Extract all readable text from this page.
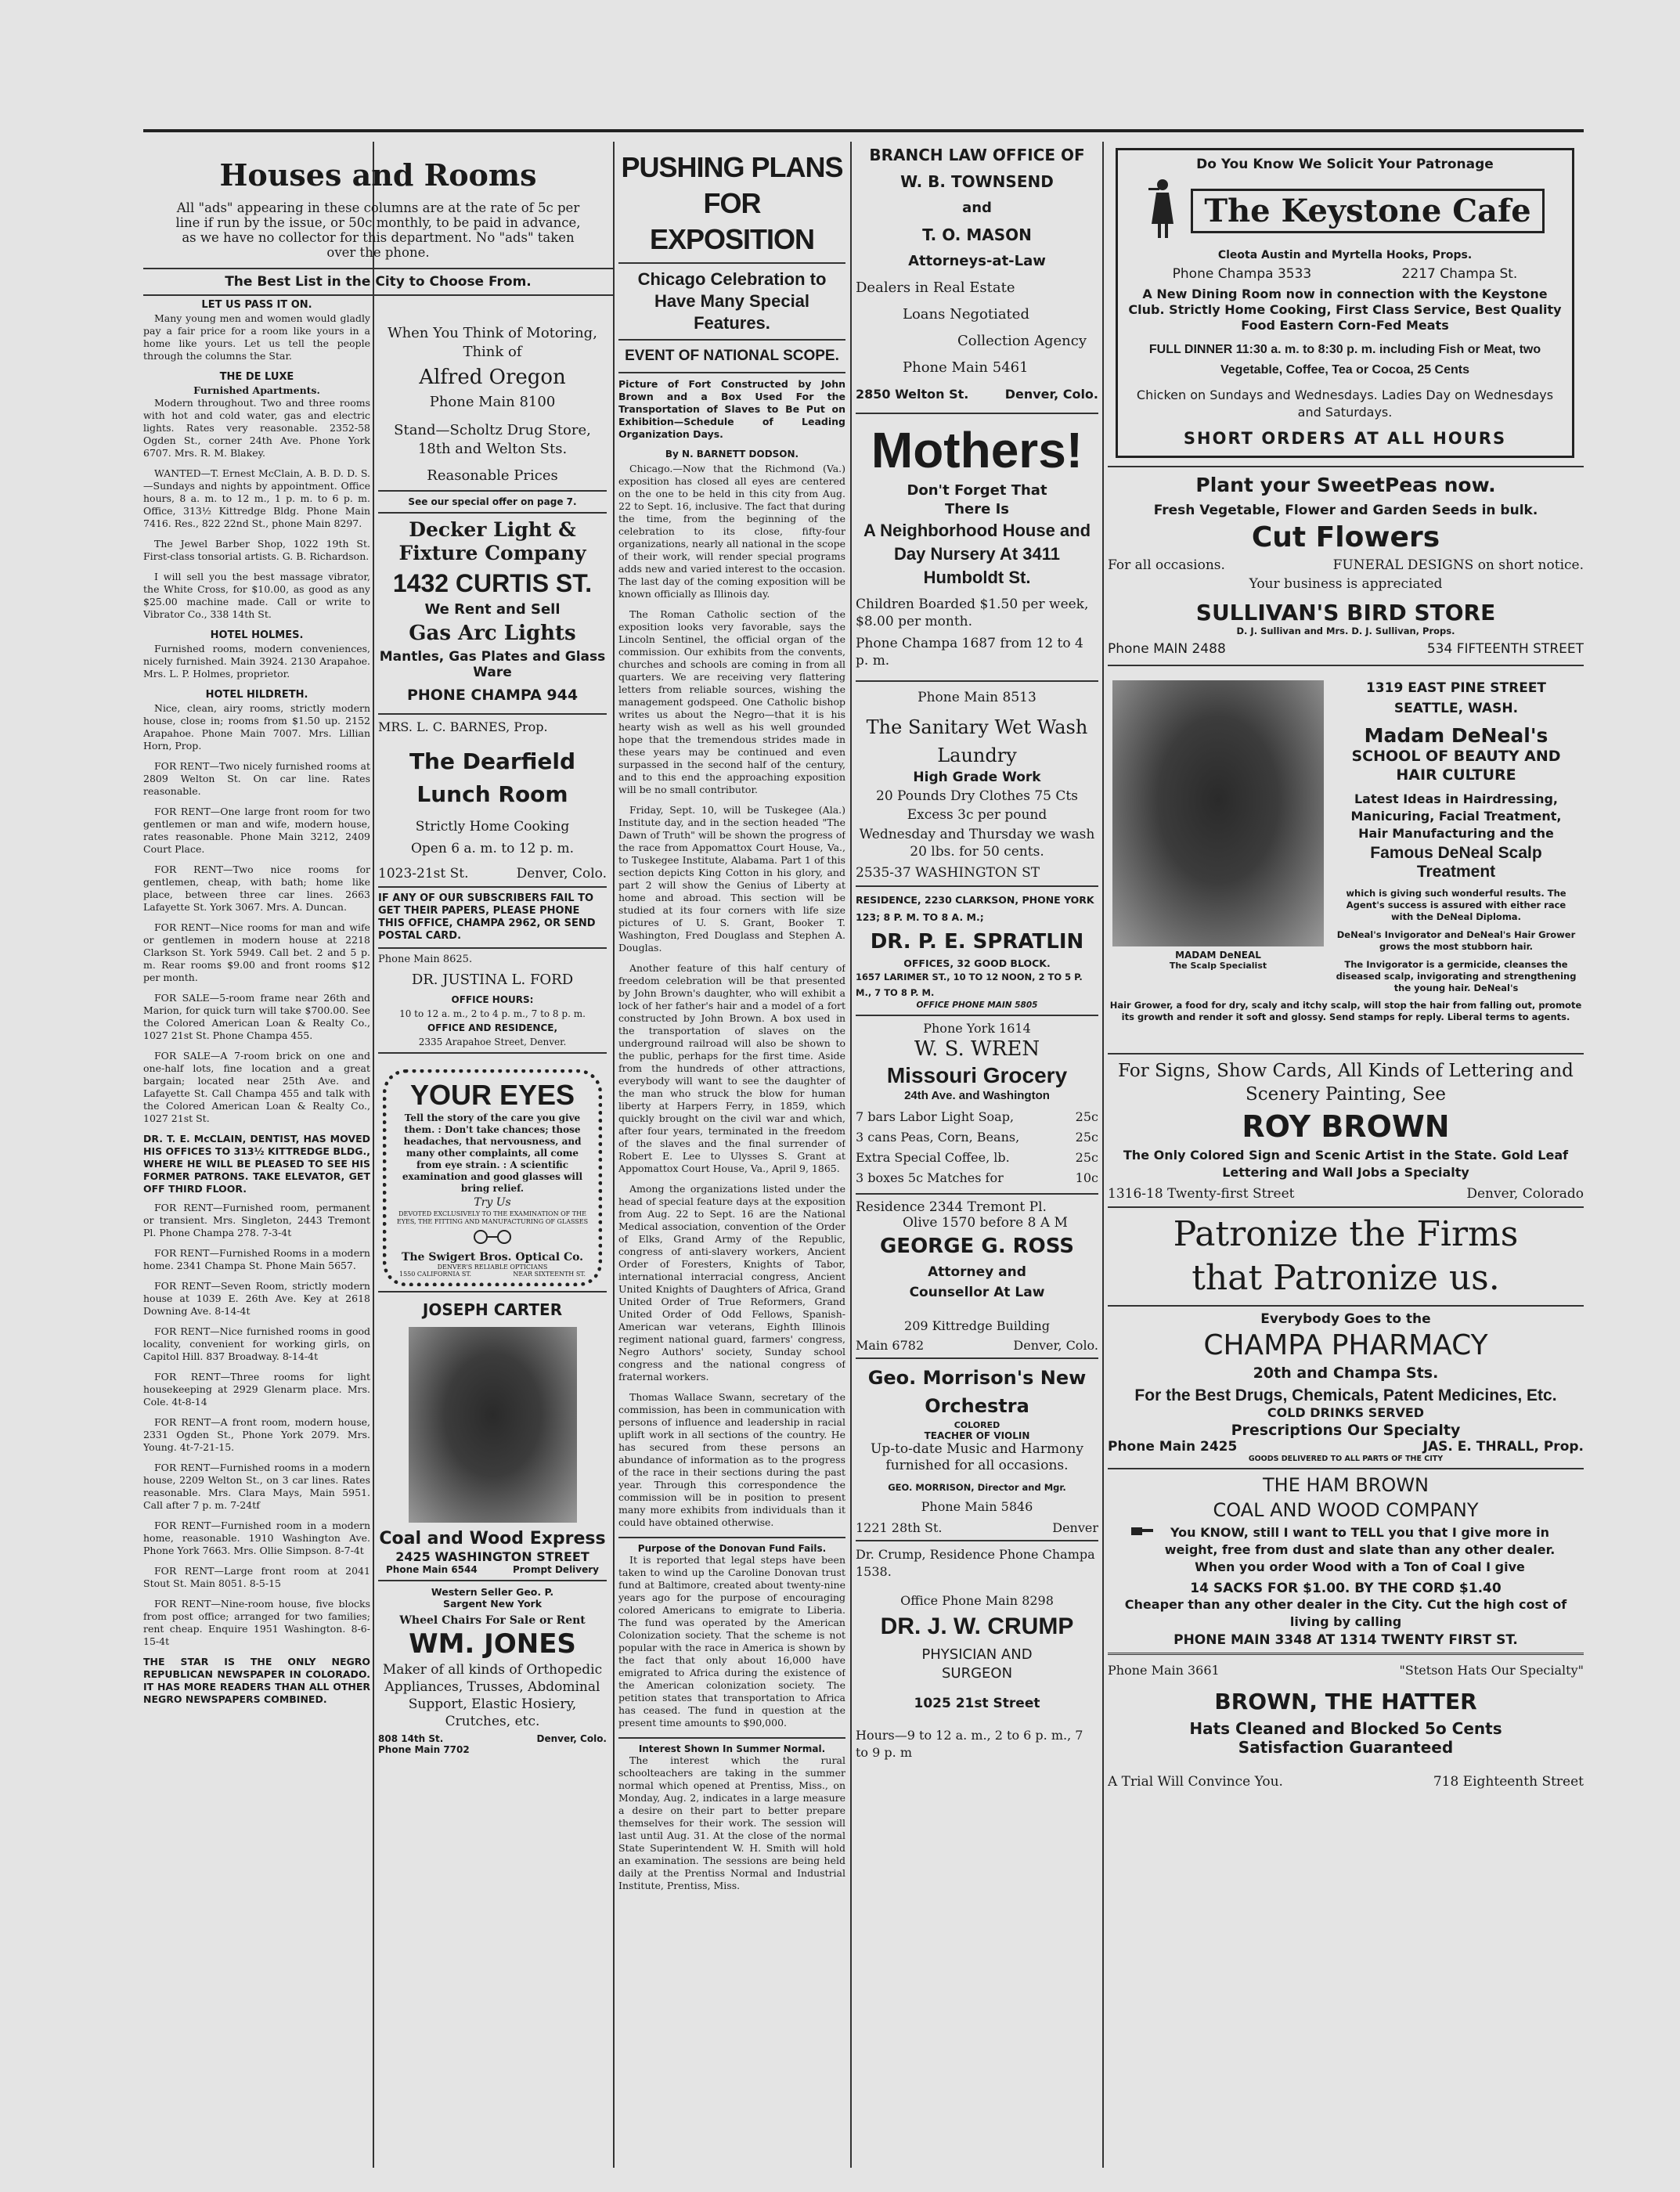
Houses and Rooms
All "ads" appearing in these columns are at the rate of 5c per line if run by the issue, or 50c monthly, to be paid in advance, as we have no collector for this department. No "ads" taken over the phone.
The Best List in the City to Choose From.
LET US PASS IT ON.

Many young men and women would gladly pay a fair price for a room like yours in a home like yours. Let us tell the people through the columns the Star.

THE DE LUXE
Furnished Apartments.

Modern throughout. Two and three rooms with hot and cold water, gas and electric lights. Rates very reasonable. 2352-58 Ogden St., corner 24th Ave. Phone York 6707. Mrs. R. M. Blakey.

WANTED—T. Ernest McClain, A. B. D. D. S.—Sundays and nights by appointment. Office hours, 8 a. m. to 12 m., 1 p. m. to 6 p. m. Office, 313½ Kittredge Bldg. Phone Main 7416. Res., 822 22nd St., phone Main 8297.

The Jewel Barber Shop, 1022 19th St. First-class tonsorial artists. G. B. Richardson.

I will sell you the best massage vibrator, the White Cross, for $10.00, as good as any $25.00 machine made. Call or write to Vibrator Co., 338 14th St.

HOTEL HOLMES.

Furnished rooms, modern conveniences, nicely furnished. Main 3924. 2130 Arapahoe. Mrs. L. P. Holmes, proprietor.

HOTEL HILDRETH.

Nice, clean, airy rooms, strictly modern house, close in; rooms from $1.50 up. 2152 Arapahoe. Phone Main 7007. Mrs. Lillian Horn, Prop.

FOR RENT—Two nicely furnished rooms at 2809 Welton St. On car line. Rates reasonable.

FOR RENT—One large front room for two gentlemen or man and wife, modern house, rates reasonable. Phone Main 3212, 2409 Court Place.

FOR RENT—Two nice rooms for gentlemen, cheap, with bath; home like place, between three car lines. 2663 Lafayette St. York 3067. Mrs. A. Duncan.

FOR RENT—Nice rooms for man and wife or gentlemen in modern house at 2218 Clarkson St. York 5949. Call bet. 2 and 5 p. m. Rear rooms $9.00 and front rooms $12 per month.

FOR SALE—5-room frame near 26th and Marion, for quick turn will take $700.00. See the Colored American Loan & Realty Co., 1027 21st St. Phone Champa 455.

FOR SALE—A 7-room brick on one and one-half lots, fine location and a great bargain; located near 25th Ave. and Lafayette St. Call Champa 455 and talk with the Colored American Loan & Realty Co., 1027 21st St.

DR. T. E. McCLAIN, DENTIST, HAS MOVED HIS OFFICES TO 313½ KITTREDGE BLDG., WHERE HE WILL BE PLEASED TO SEE HIS FORMER PATRONS. TAKE ELEVATOR, GET OFF THIRD FLOOR.

FOR RENT—Furnished room, permanent or transient. Mrs. Singleton, 2443 Tremont Pl. Phone Champa 278. 7-3-4t

FOR RENT—Furnished Rooms in a modern home. 2341 Champa St. Phone Main 5657.

FOR RENT—Seven Room, strictly modern house at 1039 E. 26th Ave. Key at 2618 Downing Ave. 8-14-4t

FOR RENT—Nice furnished rooms in good locality, convenient for working girls, on Capitol Hill. 837 Broadway. 8-14-4t

FOR RENT—Three rooms for light housekeeping at 2929 Glenarm place. Mrs. Cole. 4t-8-14

FOR RENT—A front room, modern house, 2331 Ogden St., Phone York 2079. Mrs. Young. 4t-7-21-15.

FOR RENT—Furnished rooms in a modern house, 2209 Welton St., on 3 car lines. Rates reasonable. Mrs. Clara Mays, Main 5951. Call after 7 p. m. 7-24tf

FOR RENT—Furnished room in a modern home, reasonable. 1910 Washington Ave. Phone York 7663. Mrs. Ollie Simpson. 8-7-4t

FOR RENT—Large front room at 2041 Stout St. Main 8051. 8-5-15

FOR RENT—Nine-room house, five blocks from post office; arranged for two families; rent cheap. Enquire 1951 Washington. 8-6-15-4t

THE STAR IS THE ONLY NEGRO REPUBLICAN NEWSPAPER IN COLORADO. IT HAS MORE READERS THAN ALL OTHER NEGRO NEWSPAPERS COMBINED.

When You Think of Motoring, Think of
Alfred Oregon
Phone Main 8100
Stand—Scholtz Drug Store, 18th and Welton Sts.
Reasonable Prices
See our special offer on page 7.
Decker Light & Fixture Company
1432 CURTIS ST.
We Rent and Sell
Gas Arc Lights
Mantles, Gas Plates and Glass Ware
PHONE CHAMPA 944
MRS. L. C. BARNES, Prop.
The Dearfield Lunch Room
Strictly Home Cooking
Open 6 a. m. to 12 p. m.
1023-21st St.	Denver, Colo.
IF ANY OF OUR SUBSCRIBERS FAIL TO GET THEIR PAPERS, PLEASE PHONE THIS OFFICE, CHAMPA 2962, OR SEND POSTAL CARD.
Phone Main 8625.
DR. JUSTINA L. FORD
OFFICE HOURS:
10 to 12 a. m., 2 to 4 p. m., 7 to 8 p. m.
OFFICE AND RESIDENCE,
2335 Arapahoe Street, Denver.
YOUR EYES
Tell the story of the care you give them. : Don't take chances; those headaches, that nervousness, and many other complaints, all come from eye strain. : A scientific examination and good glasses will bring relief.
Try Us
DEVOTED EXCLUSIVELY TO THE EXAMINATION OF THE EYES, THE FITTING AND MANUFACTURING OF GLASSES
The Swigert Bros. Optical Co.
DENVER'S RELIABLE OPTICIANS
1550 CALIFORNIA ST.	NEAR SIXTEENTH ST.
JOSEPH CARTER
Coal and Wood Express
2425 WASHINGTON STREET
Phone Main 6544	Prompt Delivery
Western Seller Geo. P. Sargent New York
Wheel Chairs For Sale or Rent
WM. JONES
Maker of all kinds of Orthopedic Appliances, Trusses, Abdominal Support, Elastic Hosiery, Crutches, etc.
808 14th St.	Denver, Colo.
Phone Main 7702
PUSHING PLANS FOR EXPOSITION
Chicago Celebration to Have Many Special Features.
EVENT OF NATIONAL SCOPE.
Picture of Fort Constructed by John Brown and a Box Used For the Transportation of Slaves to Be Put on Exhibition—Schedule of Leading Organization Days.
By N. BARNETT DODSON.

Chicago.—Now that the Richmond (Va.) exposition has closed all eyes are centered on the one to be held in this city from Aug. 22 to Sept. 16, inclusive. The fact that during the time, from the beginning of the celebration to its close, fifty-four organizations, nearly all national in the scope of their work, will render special programs adds new and varied interest to the occasion. The last day of the coming exposition will be known officially as Illinois day.

The Roman Catholic section of the exposition looks very favorable, says the Lincoln Sentinel, the official organ of the commission. Our exhibits from the convents, churches and schools are coming in from all quarters. We are receiving very flattering letters from reliable sources, wishing the management godspeed. One Catholic bishop writes us about the Negro—that it is his hearty wish as well as his well grounded hope that the tremendous strides made in these years may be continued and even surpassed in the second half of the century, and to this end the approaching exposition will be no small contributor.

Friday, Sept. 10, will be Tuskegee (Ala.) Institute day, and in the section headed "The Dawn of Truth" will be shown the progress of the race from Appomattox Court House, Va., to Tuskegee Institute, Alabama. Part 1 of this section depicts King Cotton in his glory, and part 2 will show the Genius of Liberty at home and abroad. This section will be studied at its four corners with life size pictures of U. S. Grant, Booker T. Washington, Fred Douglass and Stephen A. Douglas.

Another feature of this half century of freedom celebration will be that presented by John Brown's daughter, who will exhibit a lock of her father's hair and a model of a fort constructed by John Brown. A box used in the transportation of slaves on the underground railroad will also be shown to the public, perhaps for the first time. Aside from the hundreds of other attractions, everybody will want to see the daughter of the man who struck the blow for human liberty at Harpers Ferry, in 1859, which quickly brought on the civil war and which, after four years, terminated in the freedom of the slaves and the final surrender of Robert E. Lee to Ulysses S. Grant at Appomattox Court House, Va., April 9, 1865.

Among the organizations listed under the head of special feature days at the exposition from Aug. 22 to Sept. 16 are the National Medical association, convention of the Order of Elks, Grand Army of the Republic, congress of anti-slavery workers, Ancient Order of Foresters, Knights of Tabor, international interracial congress, Ancient United Knights of Daughters of Africa, Grand United Order of True Reformers, Grand United Order of Odd Fellows, Spanish-American war veterans, Eighth Illinois regiment national guard, farmers' congress, Negro Authors' society, Sunday school congress and the national congress of fraternal workers.

Thomas Wallace Swann, secretary of the commission, has been in communication with persons of influence and leadership in racial uplift work in all sections of the country. He has secured from these persons an abundance of information as to the progress of the race in their sections during the past year. Through this correspondence the commission will be in position to present many more exhibits from individuals than it could have obtained otherwise.

Purpose of the Donovan Fund Fails.

It is reported that legal steps have been taken to wind up the Caroline Donovan trust fund at Baltimore, created about twenty-nine years ago for the purpose of encouraging colored Americans to emigrate to Liberia. The fund was operated by the American Colonization society. That the scheme is not popular with the race in America is shown by the fact that only about 16,000 have emigrated to Africa during the existence of the American colonization society. The petition states that transportation to Africa has ceased. The fund in question at the present time amounts to $90,000.

Interest Shown In Summer Normal.

The interest which the rural schoolteachers are taking in the summer normal which opened at Prentiss, Miss., on Monday, Aug. 2, indicates in a large measure a desire on their part to better prepare themselves for their work. The session will last until Aug. 31. At the close of the normal State Superintendent W. H. Smith will hold an examination. The sessions are being held daily at the Prentiss Normal and Industrial Institute, Prentiss, Miss.

BRANCH LAW OFFICE OF
W. B. TOWNSEND
and
T. O. MASON
Attorneys-at-Law
Dealers in Real Estate
Loans Negotiated
Collection Agency
Phone Main 5461
2850 Welton St.	Denver, Colo.
Mothers!
Don't Forget That There Is
A Neighborhood House and Day Nursery At 3411 Humboldt St.
Children Boarded $1.50 per week, $8.00 per month.
Phone Champa 1687 from 12 to 4 p. m.
Phone Main 8513
The Sanitary Wet Wash Laundry
High Grade Work
20 Pounds Dry Clothes 75 Cts
Excess 3c per pound
Wednesday and Thursday we wash 20 lbs. for 50 cents.
2535-37 WASHINGTON ST
RESIDENCE, 2230 CLARKSON, PHONE YORK 123; 8 P. M. TO 8 A. M.;
DR. P. E. SPRATLIN
OFFICES, 32 GOOD BLOCK.
1657 LARIMER ST., 10 TO 12 NOON, 2 TO 5 P. M., 7 TO 8 P. M.
OFFICE PHONE MAIN 5805
Phone York 1614
W. S. WREN
Missouri Grocery
24th Ave. and Washington
7 bars Labor Light Soap,	25c
3 cans Peas, Corn, Beans,	25c
Extra Special Coffee, lb.	25c
3 boxes 5c Matches for	10c
Residence 2344 Tremont Pl.
Olive 1570 before 8 A M
GEORGE G. ROSS
Attorney and Counsellor At Law
209 Kittredge Building
Main 6782	Denver, Colo.
Geo. Morrison's New Orchestra
COLORED
TEACHER OF VIOLIN
Up-to-date Music and Harmony furnished for all occasions.
GEO. MORRISON, Director and Mgr.
Phone Main 5846
1221 28th St.	Denver
Dr. Crump, Residence Phone Champa 1538.
Office Phone Main 8298
DR. J. W. CRUMP
PHYSICIAN AND SURGEON
1025 21st Street
Hours—9 to 12 a. m., 2 to 6 p. m., 7 to 9 p. m
Do You Know We Solicit Your Patronage
The Keystone Cafe
Cleota Austin and Myrtella Hooks, Props.
Phone Champa 3533	2217 Champa St.
A New Dining Room now in connection with the Keystone Club. Strictly Home Cooking, First Class Service, Best Quality Food Eastern Corn-Fed Meats
FULL DINNER 11:30 a. m. to 8:30 p. m. including Fish or Meat, two Vegetable, Coffee, Tea or Cocoa, 25 Cents
Chicken on Sundays and Wednesdays. Ladies Day on Wednesdays and Saturdays.
SHORT ORDERS AT ALL HOURS
Plant your SweetPeas now.
Fresh Vegetable, Flower and Garden Seeds in bulk.
Cut Flowers
For all occasions.	FUNERAL DESIGNS on short notice.
Your business is appreciated
SULLIVAN'S BIRD STORE
D. J. Sullivan and Mrs. D. J. Sullivan, Props.
Phone MAIN 2488	534 FIFTEENTH STREET
MADAM DeNEAL
The Scalp Specialist
1319 EAST PINE STREET
SEATTLE, WASH.
Madam DeNeal's
SCHOOL OF BEAUTY AND HAIR CULTURE
Latest Ideas in Hairdressing, Manicuring, Facial Treatment, Hair Manufacturing and the
Famous DeNeal Scalp Treatment
which is giving such wonderful results. The Agent's success is assured with either race with the DeNeal Diploma.
DeNeal's Invigorator and DeNeal's Hair Grower grows the most stubborn hair.
The Invigorator is a germicide, cleanses the diseased scalp, invigorating and strengthening the young hair. DeNeal's
Hair Grower, a food for dry, scaly and itchy scalp, will stop the hair from falling out, promote its growth and render it soft and glossy. Send stamps for reply. Liberal terms to agents.
For Signs, Show Cards, All Kinds of Lettering and Scenery Painting, See
ROY BROWN
The Only Colored Sign and Scenic Artist in the State. Gold Leaf Lettering and Wall Jobs a Specialty
1316-18 Twenty-first Street	Denver, Colorado
Patronize the Firms that Patronize us.
Everybody Goes to the
CHAMPA PHARMACY
20th and Champa Sts.
For the Best Drugs, Chemicals, Patent Medicines, Etc.
COLD DRINKS SERVED
Prescriptions Our Specialty
Phone Main 2425	JAS. E. THRALL, Prop.
GOODS DELIVERED TO ALL PARTS OF THE CITY
THE HAM BROWN
COAL AND WOOD COMPANY
You KNOW, still I want to TELL you that I give more in weight, free from dust and slate than any other dealer. When you order Wood with a Ton of Coal I give
14 SACKS FOR $1.00. BY THE CORD $1.40
Cheaper than any other dealer in the City. Cut the high cost of living by calling
PHONE MAIN 3348 AT 1314 TWENTY FIRST ST.
Phone Main 3661	"Stetson Hats Our Specialty"
BROWN, THE HATTER
Hats Cleaned and Blocked 5o Cents
Satisfaction Guaranteed
A Trial Will Convince You.	718 Eighteenth Street
